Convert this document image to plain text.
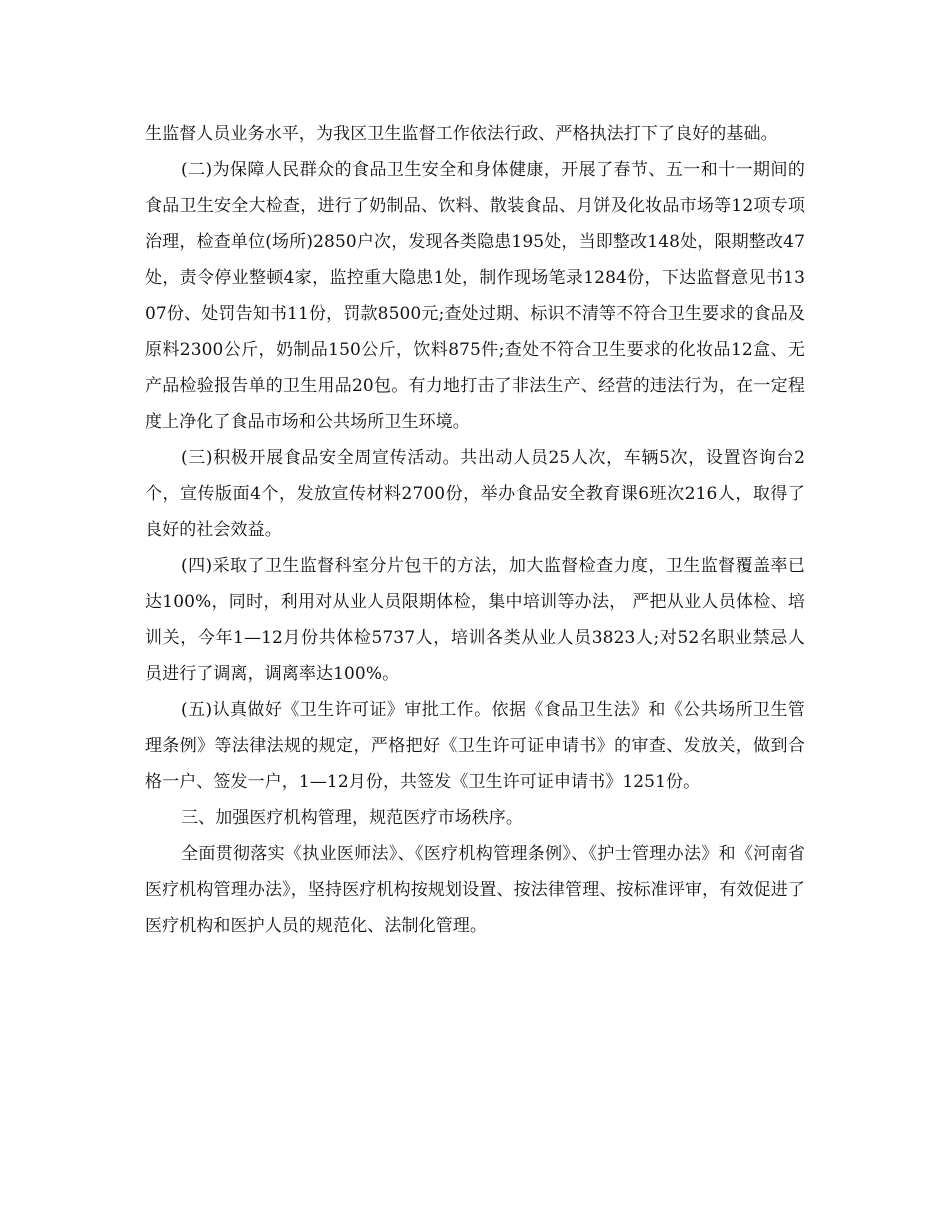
生监督人员业务水平，为我区卫生监督工作依法行政、严格执法打下了良好的基础。

(二)为保障人民群众的食品卫生安全和身体健康，开展了春节、五一和十一期间的食品卫生安全大检查，进行了奶制品、饮料、散装食品、月饼及化妆品市场等12项专项治理，检查单位(场所)2850户次，发现各类隐患195处，当即整改148处，限期整改47处，责令停业整顿4家，监控重大隐患1处，制作现场笔录1284份，下达监督意见书1307份、处罚告知书11份，罚款8500元;查处过期、标识不清等不符合卫生要求的食品及原料2300公斤，奶制品150公斤，饮料875件;查处不符合卫生要求的化妆品12盒、无产品检验报告单的卫生用品20包。有力地打击了非法生产、经营的违法行为，在一定程度上净化了食品市场和公共场所卫生环境。

(三)积极开展食品安全周宣传活动。共出动人员25人次，车辆5次，设置咨询台2个，宣传版面4个，发放宣传材料2700份，举办食品安全教育课6班次216人，取得了良好的社会效益。

(四)采取了卫生监督科室分片包干的方法，加大监督检查力度，卫生监督覆盖率已达100%，同时，利用对从业人员限期体检，集中培训等办法， 严把从业人员体检、培训关，今年1—12月份共体检5737人，培训各类从业人员3823人;对52名职业禁忌人员进行了调离，调离率达100%。

(五)认真做好《卫生许可证》审批工作。依据《食品卫生法》和《公共场所卫生管理条例》等法律法规的规定，严格把好《卫生许可证申请书》的审查、发放关，做到合格一户、签发一户，1—12月份，共签发《卫生许可证申请书》1251份。

三、加强医疗机构管理，规范医疗市场秩序。

全面贯彻落实《执业医师法》、《医疗机构管理条例》、《护士管理办法》和《河南省医疗机构管理办法》，坚持医疗机构按规划设置、按法律管理、按标准评审，有效促进了医疗机构和医护人员的规范化、法制化管理。
